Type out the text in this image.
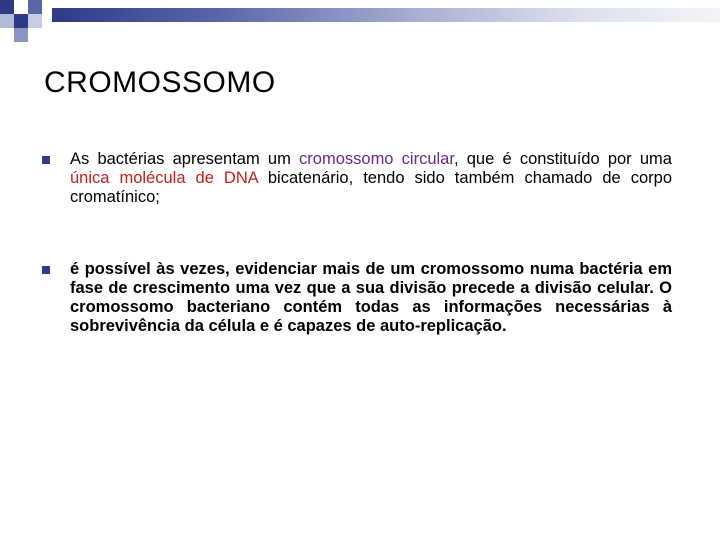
CROMOSSOMO
As bactérias apresentam um cromossomo circular, que é constituído por uma única molécula de DNA bicatenário, tendo sido também chamado de corpo cromatínico;
é possível às vezes, evidenciar mais de um cromossomo numa bactéria em fase de crescimento uma vez que a sua divisão precede a divisão celular. O cromossomo bacteriano contém todas as informações necessárias à sobrevivência da célula e é capazes de auto-replicação.
